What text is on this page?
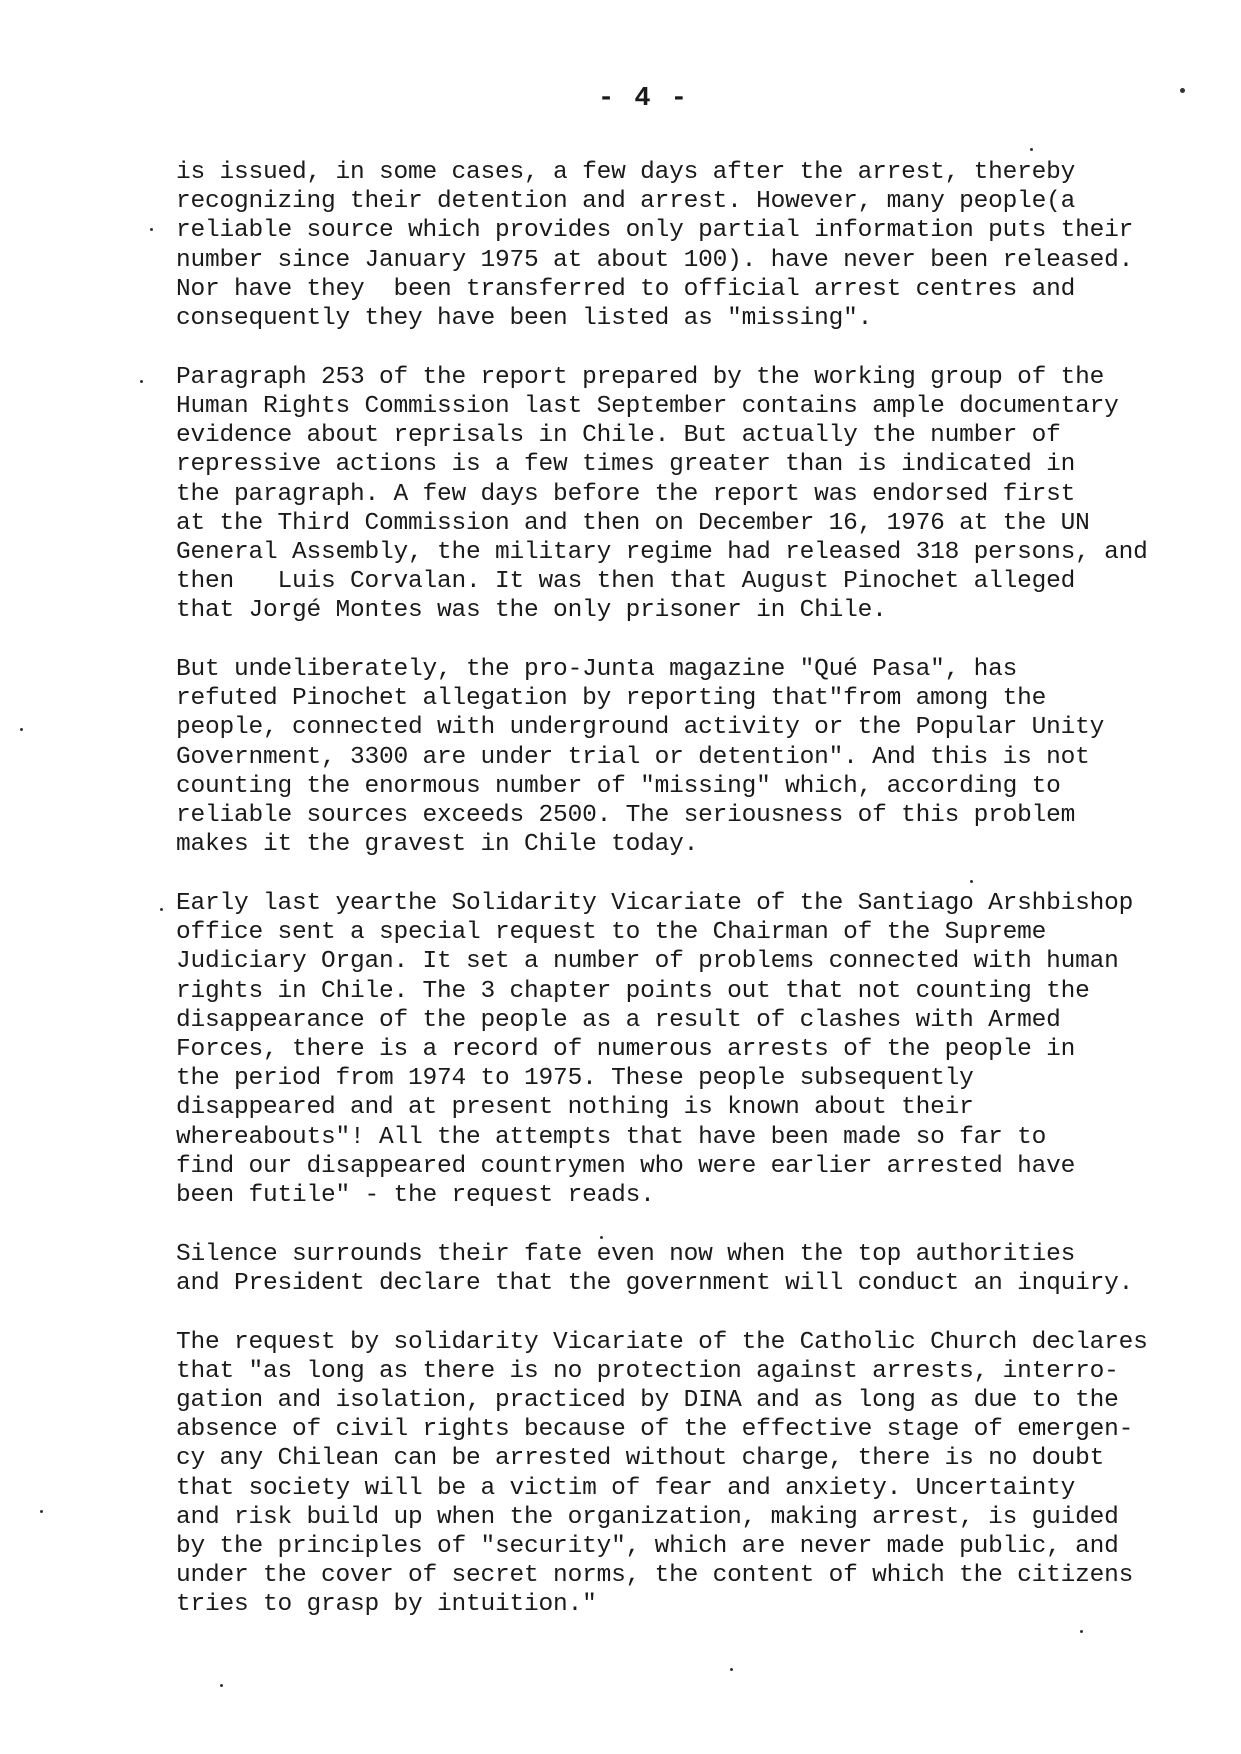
- 4 -

is issued, in some cases, a few days after the arrest, thereby
recognizing their detention and arrest. However, many people(a
reliable source which provides only partial information puts their
number since January 1975 at about 100). have never been released.
Nor have they  been transferred to official arrest centres and
consequently they have been listed as "missing".

Paragraph 253 of the report prepared by the working group of the
Human Rights Commission last September contains ample documentary
evidence about reprisals in Chile. But actually the number of
repressive actions is a few times greater than is indicated in
the paragraph. A few days before the report was endorsed first
at the Third Commission and then on December 16, 1976 at the UN
General Assembly, the military regime had released 318 persons, and
then   Luis Corvalan. It was then that August Pinochet alleged
that Jorgé Montes was the only prisoner in Chile.

But undeliberately, the pro-Junta magazine "Qué Pasa", has
refuted Pinochet allegation by reporting that"from among the
people, connected with underground activity or the Popular Unity
Government, 3300 are under trial or detention". And this is not
counting the enormous number of "missing" which, according to
reliable sources exceeds 2500. The seriousness of this problem
makes it the gravest in Chile today.

Early last yearthe Solidarity Vicariate of the Santiago Arshbishop
office sent a special request to the Chairman of the Supreme
Judiciary Organ. It set a number of problems connected with human
rights in Chile. The 3 chapter points out that not counting the
disappearance of the people as a result of clashes with Armed
Forces, there is a record of numerous arrests of the people in
the period from 1974 to 1975. These people subsequently
disappeared and at present nothing is known about their
whereabouts"! All the attempts that have been made so far to
find our disappeared countrymen who were earlier arrested have
been futile" - the request reads.

Silence surrounds their fate even now when the top authorities
and President declare that the government will conduct an inquiry.

The request by solidarity Vicariate of the Catholic Church declares
that "as long as there is no protection against arrests, interro-
gation and isolation, practiced by DINA and as long as due to the
absence of civil rights because of the effective stage of emergen-
cy any Chilean can be arrested without charge, there is no doubt
that society will be a victim of fear and anxiety. Uncertainty
and risk build up when the organization, making arrest, is guided
by the principles of "security", which are never made public, and
under the cover of secret norms, the content of which the citizens
tries to grasp by intuition."
